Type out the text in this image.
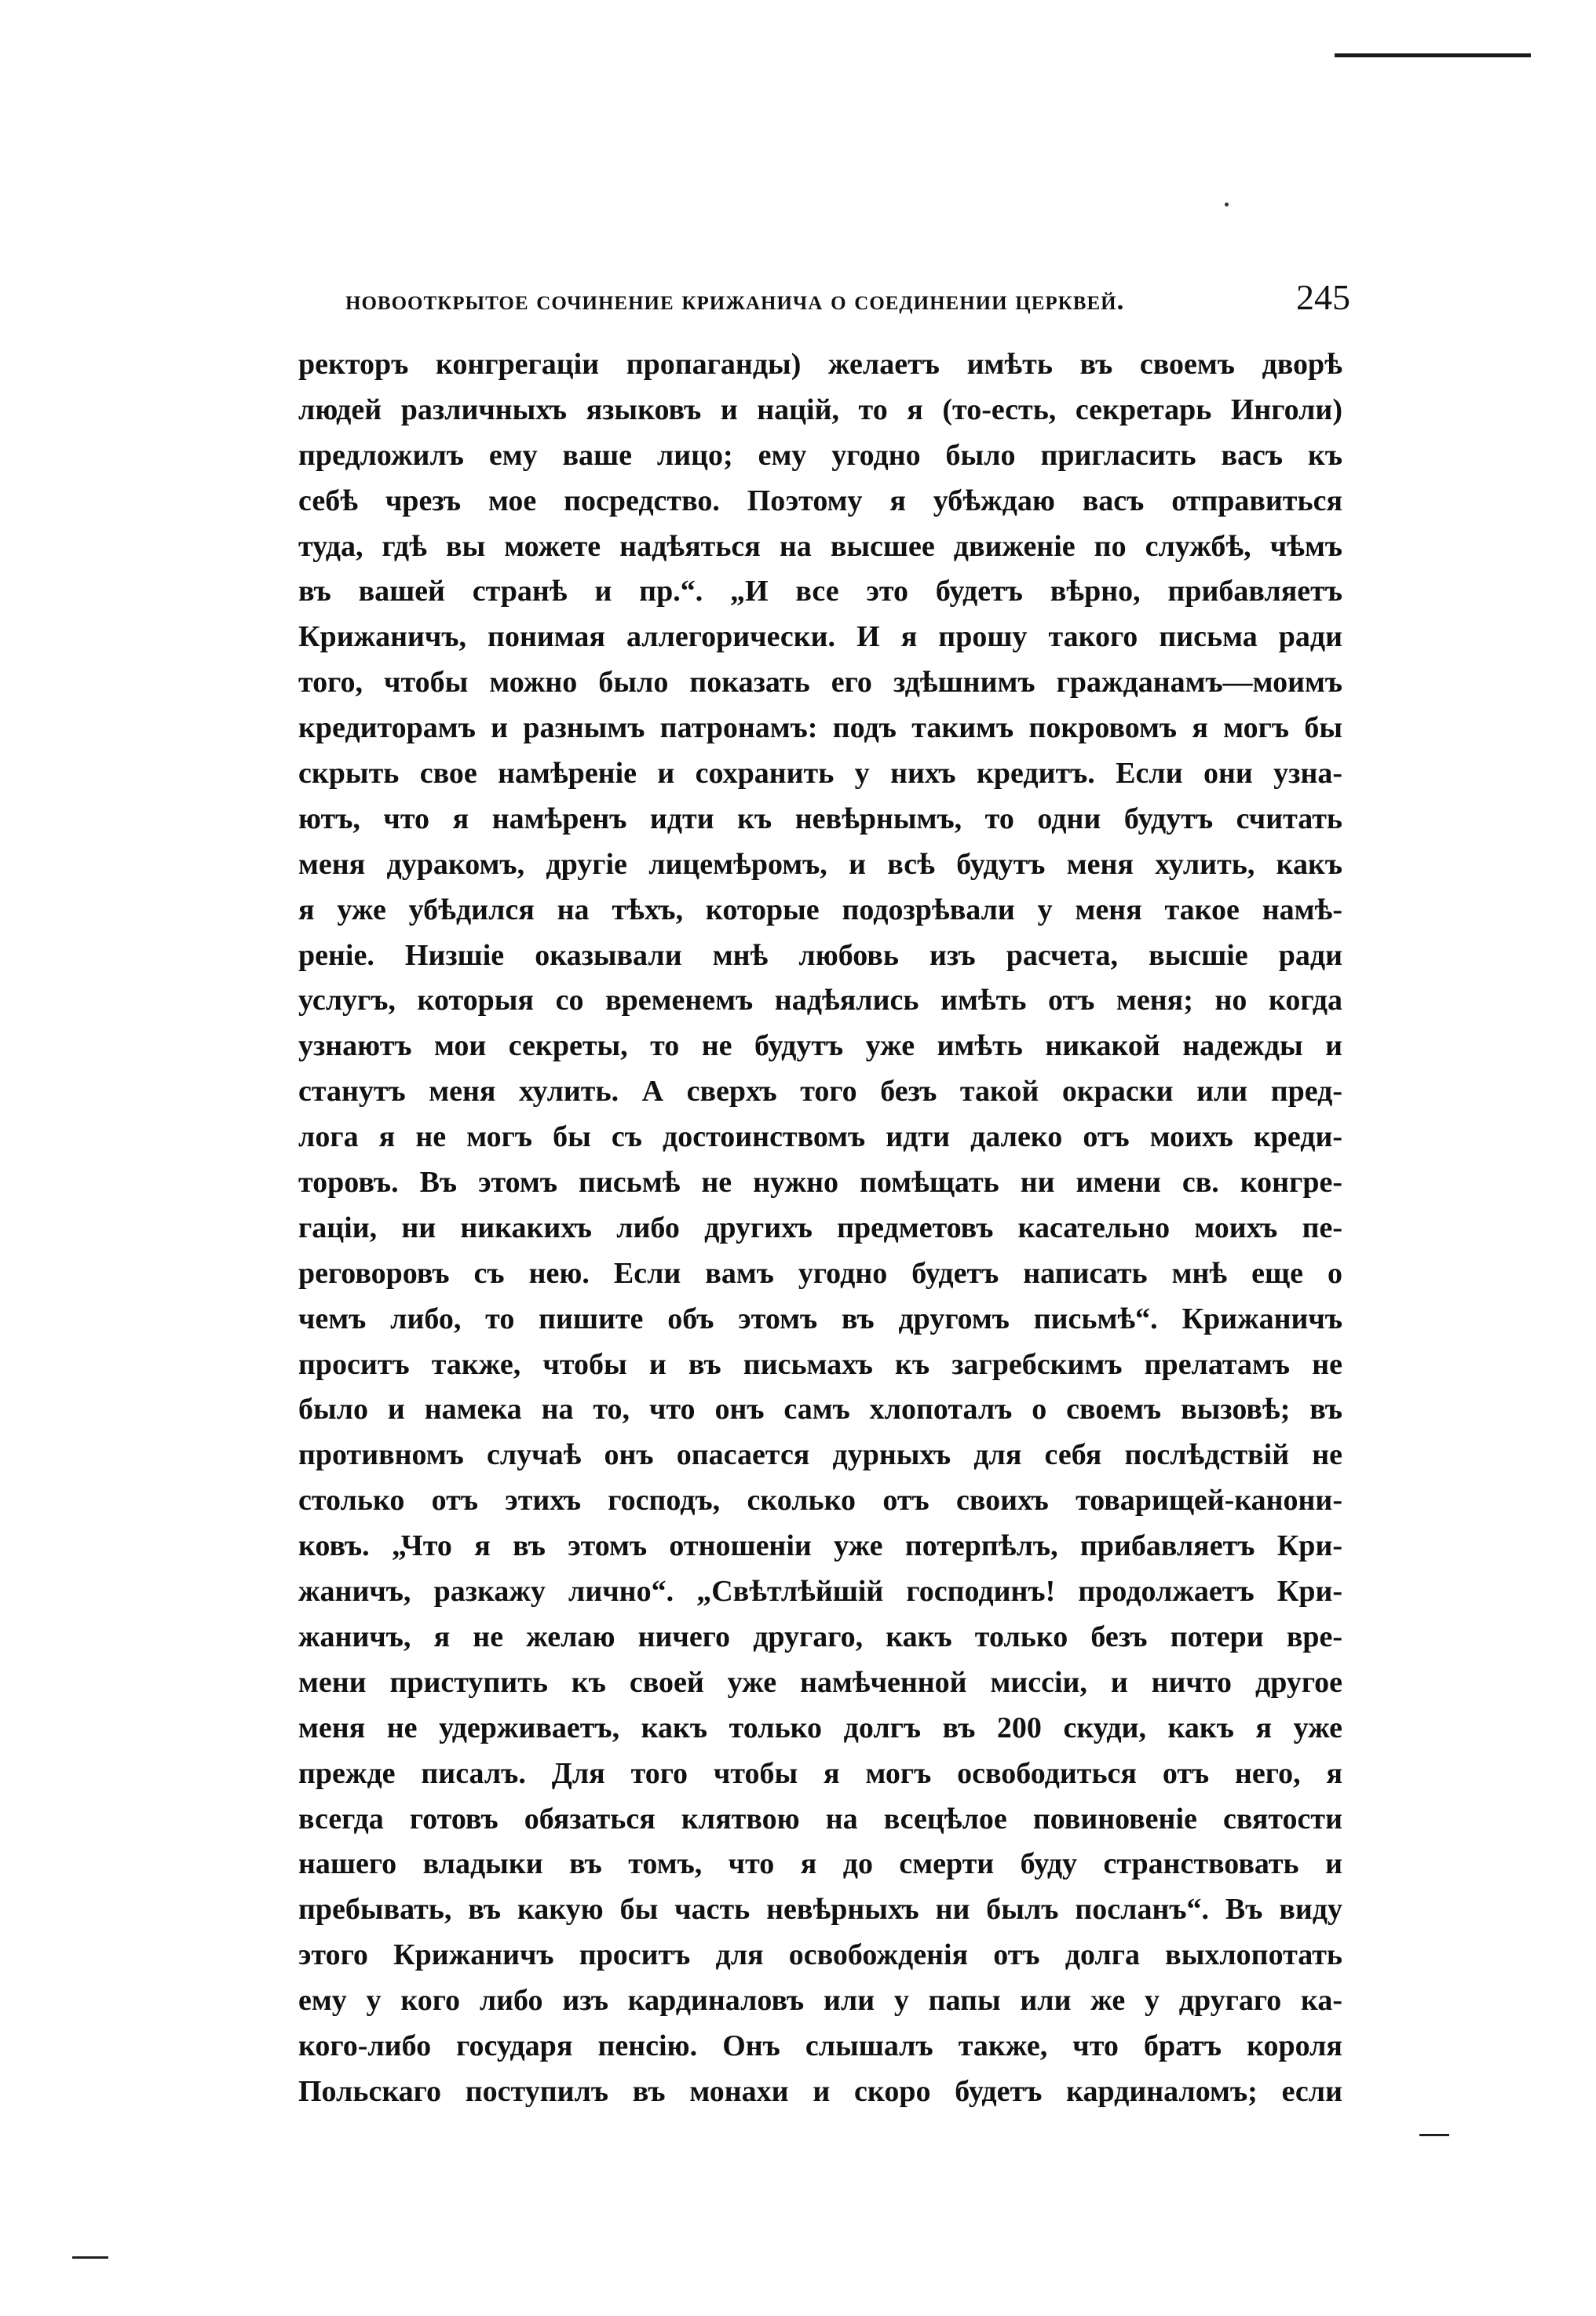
новооткрытое сочинение крижанича о соединении церквей.	245
ректоръ конгрегаціи пропаганды) желаетъ имѣть въ своемъ дворѣ
людей различныхъ языковъ и націй, то я (то-есть, секретарь Инголи)
предложилъ ему ваше лицо; ему угодно было пригласить васъ къ
себѣ чрезъ мое посредство. Поэтому я убѣждаю васъ отправиться
туда, гдѣ вы можете надѣяться на высшее движеніе по службѣ, чѣмъ
въ вашей странѣ и пр.“. „И все это будетъ вѣрно, прибавляетъ
Крижаничъ, понимая аллегорически. И я прошу такого письма ради
того, чтобы можно было показать его здѣшнимъ гражданамъ—моимъ
кредиторамъ и разнымъ патронамъ: подъ такимъ покровомъ я могъ бы
скрыть свое намѣреніе и сохранить у нихъ кредитъ. Если они узна-
ютъ, что я намѣренъ идти къ невѣрнымъ, то одни будутъ считать
меня дуракомъ, другіе лицемѣромъ, и всѣ будутъ меня хулить, какъ
я уже убѣдился на тѣхъ, которые подозрѣвали у меня такое намѣ-
реніе. Низшіе оказывали мнѣ любовь изъ расчета, высшіе ради
услугъ, которыя со временемъ надѣялись имѣть отъ меня; но когда
узнаютъ мои секреты, то не будутъ уже имѣть никакой надежды и
станутъ меня хулить. А сверхъ того безъ такой окраски или пред-
лога я не могъ бы съ достоинствомъ идти далеко отъ моихъ креди-
торовъ. Въ этомъ письмѣ не нужно помѣщать ни имени св. конгре-
гаціи, ни никакихъ либо другихъ предметовъ касательно моихъ пе-
реговоровъ съ нею. Если вамъ угодно будетъ написать мнѣ еще о
чемъ либо, то пишите объ этомъ въ другомъ письмѣ“. Крижаничъ
проситъ также, чтобы и въ письмахъ къ загребскимъ прелатамъ не
было и намека на то, что онъ самъ хлопоталъ о своемъ вызовѣ; въ
противномъ случаѣ онъ опасается дурныхъ для себя послѣдствій не
столько отъ этихъ господъ, сколько отъ своихъ товарищей-канони-
ковъ. „Что я въ этомъ отношеніи уже потерпѣлъ, прибавляетъ Кри-
жаничъ, разкажу лично“. „Свѣтлѣйшій господинъ! продолжаетъ Кри-
жаничъ, я не желаю ничего другаго, какъ только безъ потери вре-
мени приступить къ своей уже намѣченной миссіи, и ничто другое
меня не удерживаетъ, какъ только долгъ въ 200 скуди, какъ я уже
прежде писалъ. Для того чтобы я могъ освободиться отъ него, я
всегда готовъ обязаться клятвою на всецѣлое повиновеніе святости
нашего владыки въ томъ, что я до смерти буду странствовать и
пребывать, въ какую бы часть невѣрныхъ ни былъ посланъ“. Въ виду
этого Крижаничъ проситъ для освобожденія отъ долга выхлопотать
ему у кого либо изъ кардиналовъ или у папы или же у другаго ка-
кого-либо государя пенсію. Онъ слышалъ также, что братъ короля
Польскаго поступилъ въ монахи и скоро будетъ кардиналомъ; если
